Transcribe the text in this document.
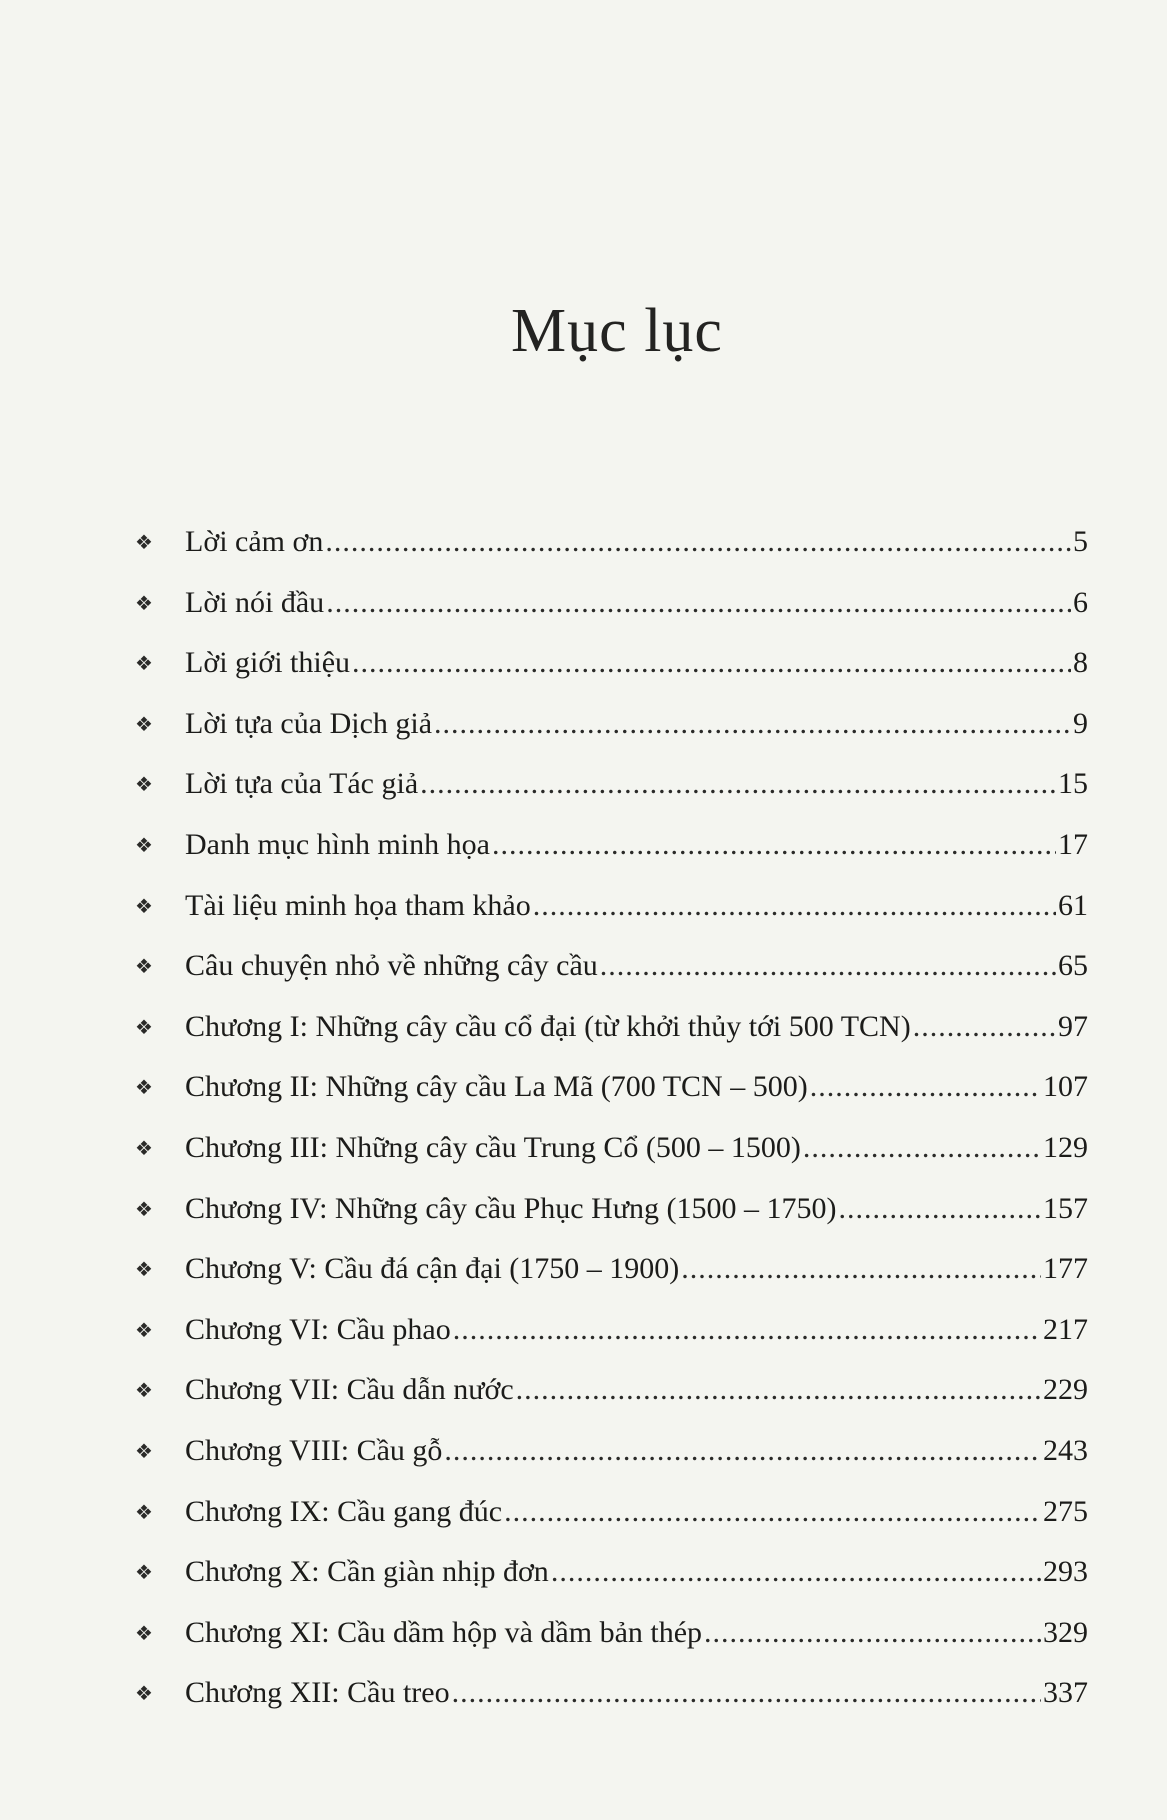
Mục lục
❖	Lời cảm ơn .....	5
❖	Lời nói đầu .....	6
❖	Lời giới thiệu .....	8
❖	Lời tựa của Dịch giả .....	9
❖	Lời tựa của Tác giả .....	15
❖	Danh mục hình minh họa .....	17
❖	Tài liệu minh họa tham khảo .....	61
❖	Câu chuyện nhỏ về những cây cầu .....	65
❖	Chương I: Những cây cầu cổ đại (từ khởi thủy tới 500 TCN) .....	97
❖	Chương II: Những cây cầu La Mã (700 TCN – 500) .....	107
❖	Chương III: Những cây cầu Trung Cổ (500 – 1500) .....	129
❖	Chương IV: Những cây cầu Phục Hưng (1500 – 1750) .....	157
❖	Chương V: Cầu đá cận đại (1750 – 1900) .....	177
❖	Chương VI: Cầu phao .....	217
❖	Chương VII: Cầu dẫn nước .....	229
❖	Chương VIII: Cầu gỗ .....	243
❖	Chương IX: Cầu gang đúc .....	275
❖	Chương X: Cần giàn nhịp đơn .....	293
❖	Chương XI: Cầu dầm hộp và dầm bản thép .....	329
❖	Chương XII: Cầu treo .....	337
